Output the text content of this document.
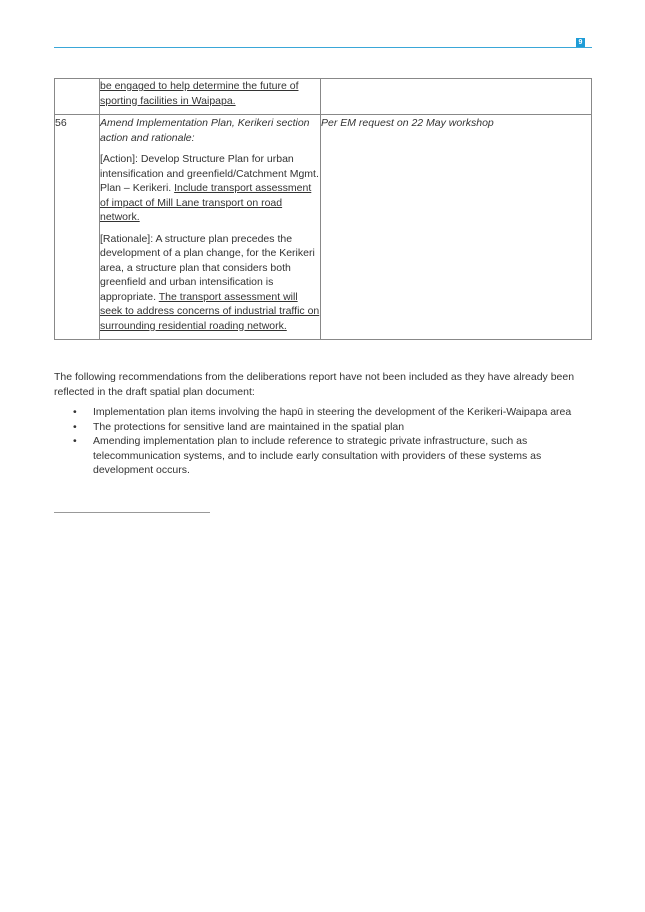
9

	be engaged to help determine the future of sporting facilities in Waipapa.	

56	Amend Implementation Plan, Kerikeri section action and rationale:

[Action]: Develop Structure Plan for urban intensification and greenfield/Catchment Mgmt. Plan – Kerikeri. Include transport assessment of impact of Mill Lane transport on road network.

[Rationale]: A structure plan precedes the development of a plan change, for the Kerikeri area, a structure plan that considers both greenfield and urban intensification is appropriate. The transport assessment will seek to address concerns of industrial traffic on surrounding residential roading network.	Per EM request on 22 May workshop

The following recommendations from the deliberations report have not been included as they have already been reflected in the draft spatial plan document:

• Implementation plan items involving the hapū in steering the development of the Kerikeri-Waipapa area
• The protections for sensitive land are maintained in the spatial plan
• Amending implementation plan to include reference to strategic private infrastructure, such as telecommunication systems, and to include early consultation with providers of these systems as development occurs.
